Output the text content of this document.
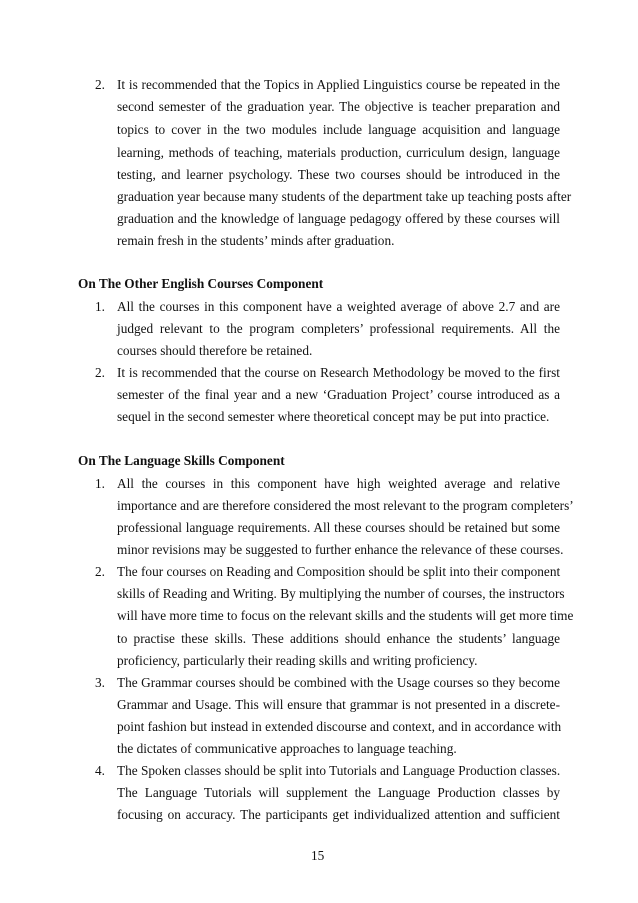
2. It is recommended that the Topics in Applied Linguistics course be repeated in the
second semester of the graduation year. The objective is teacher preparation and
topics to cover in the two modules include language acquisition and language
learning, methods of teaching, materials production, curriculum design, language
testing, and learner psychology. These two courses should be introduced in the
graduation year because many students of the department take up teaching posts after
graduation and the knowledge of language pedagogy offered by these courses will
remain fresh in the students’ minds after graduation.
On The Other English Courses Component
1. All the courses in this component have a weighted average of above 2.7 and are
judged relevant to the program completers’ professional requirements. All the
courses should therefore be retained.
2. It is recommended that the course on Research Methodology be moved to the first
semester of the final year and a new ‘Graduation Project’ course introduced as a
sequel in the second semester where theoretical concept may be put into practice.
On The Language Skills Component
1. All the courses in this component have high weighted average and relative
importance and are therefore considered the most relevant to the program completers’
professional language requirements. All these courses should be retained but some
minor revisions may be suggested to further enhance the relevance of these courses.
2. The four courses on Reading and Composition should be split into their component
skills of Reading and Writing. By multiplying the number of courses, the instructors
will have more time to focus on the relevant skills and the students will get more time
to practise these skills. These additions should enhance the students’ language
proficiency, particularly their reading skills and writing proficiency.
3. The Grammar courses should be combined with the Usage courses so they become
Grammar and Usage. This will ensure that grammar is not presented in a discrete-
point fashion but instead in extended discourse and context, and in accordance with
the dictates of communicative approaches to language teaching.
4. The Spoken classes should be split into Tutorials and Language Production classes.
The Language Tutorials will supplement the Language Production classes by
focusing on accuracy. The participants get individualized attention and sufficient
15
